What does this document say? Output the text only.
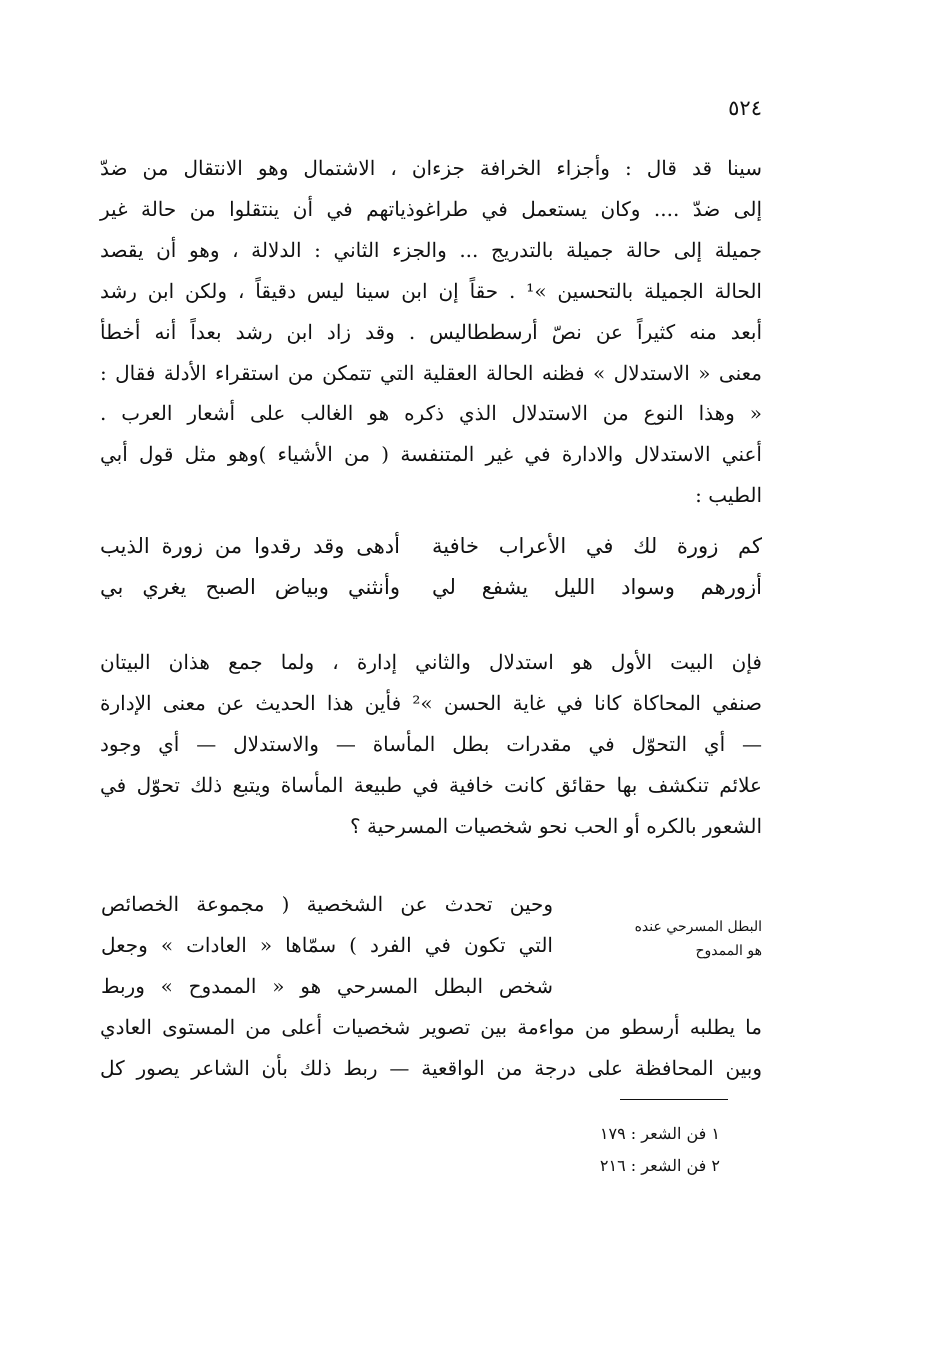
٥٢٤
سينا قد قال : وأجزاء الخرافة جزءان ، الاشتمال وهو الانتقال من ضدّ
إلى ضدّ .... وكان يستعمل في طراغوذياتهم في أن ينتقلوا من حالة غير
جميلة إلى حالة جميلة بالتدريج ... والجزء الثاني : الدلالة ، وهو أن يقصد
الحالة الجميلة بالتحسين »¹ . حقاً إن ابن سينا ليس دقيقاً ، ولكن ابن رشد
أبعد منه كثيراً عن نصّ أرسططاليس . وقد زاد ابن رشد بعداً أنه أخطأ
معنى « الاستدلال » فظنه الحالة العقلية التي تتمكن من استقراء الأدلة فقال :
« وهذا النوع من الاستدلال الذي ذكره هو الغالب على أشعار العرب .
أعني الاستدلال والادارة في غير المتنفسة ( من الأشياء )وهو مثل قول أبي
الطيب :
كم زورة لك في الأعراب خافية
أدهى وقد رقدوا من زورة الذيب
أزورهم وسواد الليل يشفع لي
وأنثني وبياض الصبح يغري بي
فإن البيت الأول هو استدلال والثاني إدارة ، ولما جمع هذان البيتان
صنفي المحاكاة كانا في غاية الحسن »² فأين هذا الحديث عن معنى الإدارة
— أي التحوّل في مقدرات بطل المأساة — والاستدلال — أي وجود
علائم تنكشف بها حقائق كانت خافية في طبيعة المأساة ويتبع ذلك تحوّل في
الشعور بالكره أو الحب نحو شخصيات المسرحية ؟
البطل المسرحي عنده
هو الممدوح
وحين تحدث عن الشخصية ( مجموعة الخصائص
التي تكون في الفرد ) سمّاها « العادات » وجعل
شخص البطل المسرحي هو « الممدوح » وربط
ما يطلبه أرسطو من مواءمة بين تصوير شخصيات أعلى من المستوى العادي
وبين المحافظة على درجة من الواقعية — ربط ذلك بأن الشاعر يصور كل
١ فن الشعر : ١٧٩
٢ فن الشعر : ٢١٦
